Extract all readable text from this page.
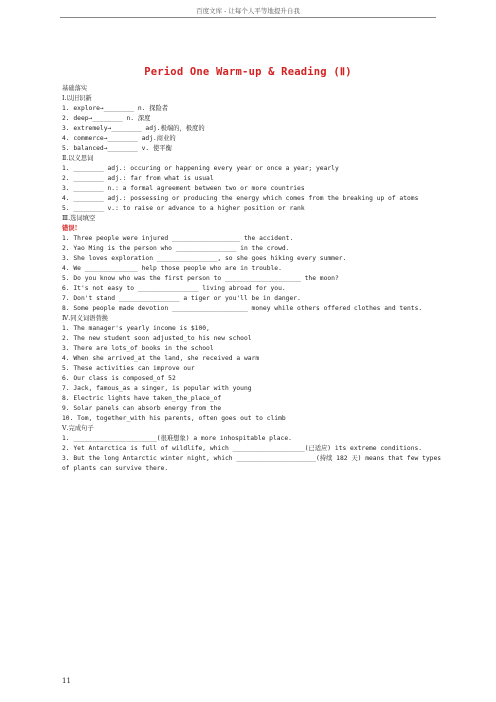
百度文库 - 让每个人平等地提升自我
Period One Warm-up & Reading (Ⅱ)
基础落实
Ⅰ.以旧识新
1. explore→________ n. 探险者
2. deep→________ n. 深度
3. extremely→________ adj.极端的，极度的
4. commerce→________ adj.商业的
5. balanced→________ v. 使平衡
Ⅱ.以义思词
1. ________ adj.: occuring or happening every year or once a year; yearly
2. ________ adj.: far from what is usual
3. ________ n.: a formal agreement between two or more countries
4. ________ adj.: possessing or producing the energy which comes from the breaking up of atoms
5. ________ v.: to raise or advance to a higher position or rank
Ⅲ.选词填空
错误!
1. Three people were injured __________________ the accident.
2. Yao Ming is the person who ________________ in the crowd.
3. She loves exploration ________________, so she goes hiking every summer.
4. We ______________ help those people who are in trouble.
5. Do you know who was the first person to ____________________ the moon?
6. It's not easy to ________________ living abroad for you.
7. Don't stand ________________ a tiger or you'll be in danger.
8. Some people made devotion ____________________ money while others offered clothes and tents.
Ⅳ.同义词语替换
1. The manager's yearly income is $100,
2. The new student soon adjusted_to his new school
3. There are lots_of books in the school
4. When she arrived_at the land, she received a warm
5. These activities can improve our
6. Our class is composed_of 52
7. Jack, famous_as a singer, is popular with young
8. Electric lights have taken_the_place_of
9. Solar panels can absorb energy from the
10. Tom, together_with his parents, often goes out to climb
Ⅴ.完成句子
1. ______________________(很难想象) a more inhospitable place.
2. Yet Antarctica is full of wildlife, which ___________________(已适应) its extreme conditions.
3. But the long Antarctic winter night, which _____________________(持续 182 天) means that few types of plants can survive there.
11
